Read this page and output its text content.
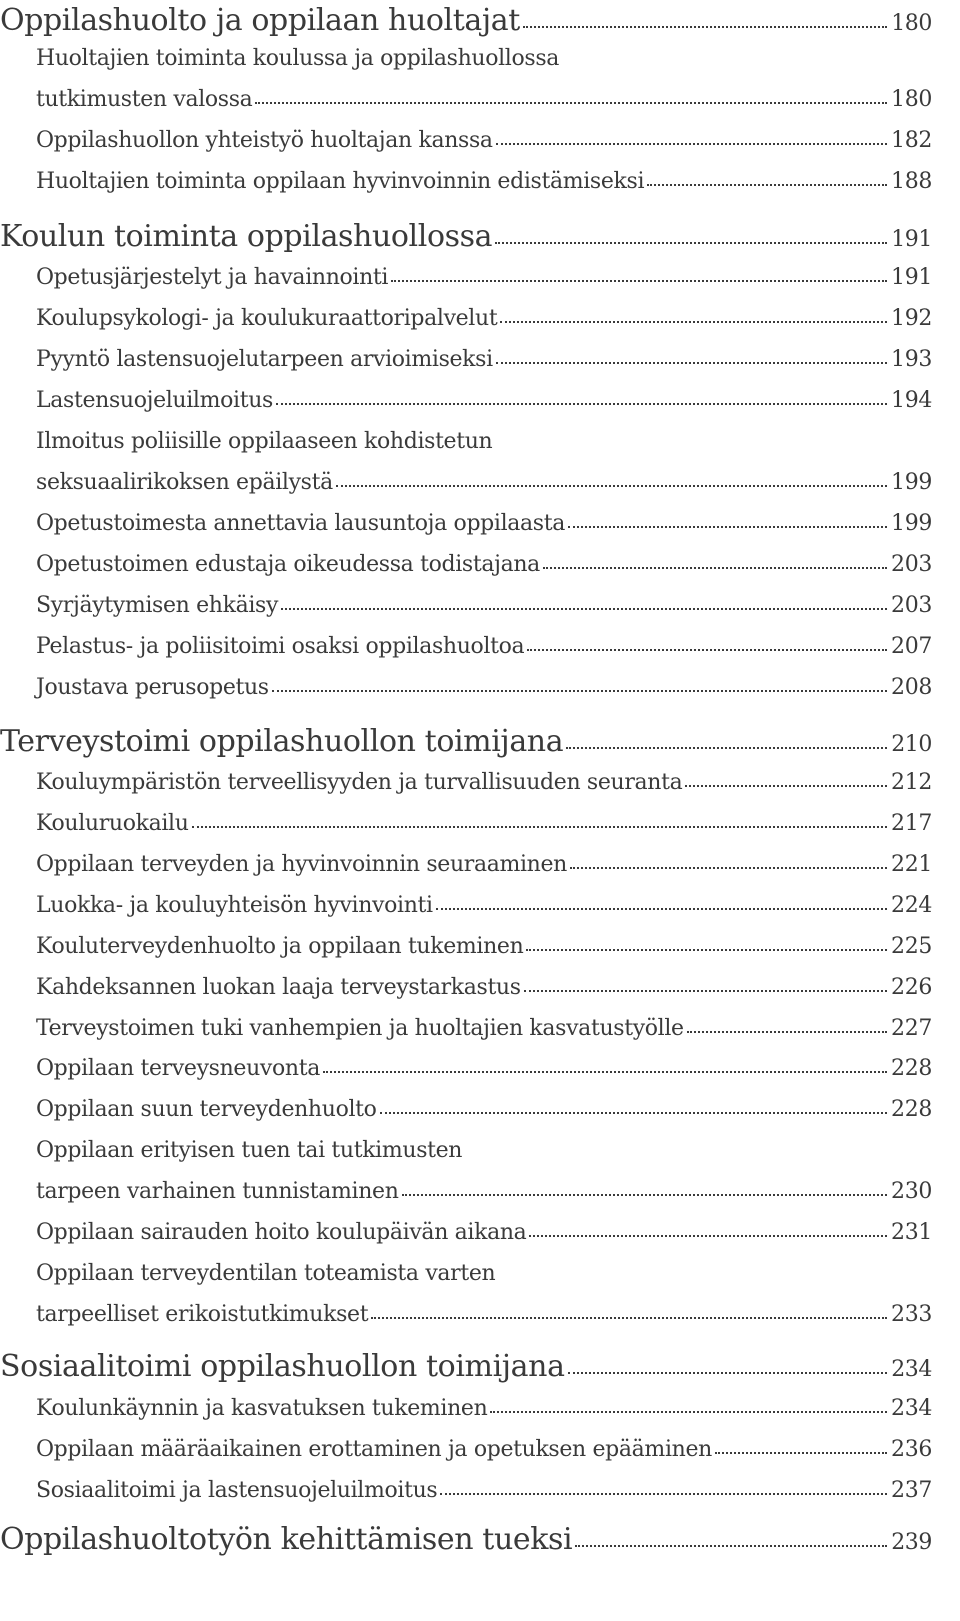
Oppilashuolto ja oppilaan huoltajat	180
Huoltajien toiminta koulussa ja oppilashuollossa
tutkimusten valossa	180
Oppilashuollon yhteistyö huoltajan kanssa	182
Huoltajien toiminta oppilaan hyvinvoinnin edistämiseksi	188
Koulun toiminta oppilashuollossa	191
Opetusjärjestelyt ja havainnointi	191
Koulupsykologi- ja koulukuraattoripalvelut	192
Pyyntö lastensuojelutarpeen arvioimiseksi	193
Lastensuojeluilmoitus	194
Ilmoitus poliisille oppilaaseen kohdistetun
seksuaalirikoksen epäilystä	199
Opetustoimesta annettavia lausuntoja oppilaasta	199
Opetustoimen edustaja oikeudessa todistajana	203
Syrjäytymisen ehkäisy	203
Pelastus- ja poliisitoimi osaksi oppilashuoltoa	207
Joustava perusopetus	208
Terveystoimi oppilashuollon toimijana	210
Kouluympäristön terveellisyyden ja turvallisuuden seuranta	212
Kouluruokailu	217
Oppilaan terveyden ja hyvinvoinnin seuraaminen	221
Luokka- ja kouluyhteisön hyvinvointi	224
Kouluterveydenhuolto ja oppilaan tukeminen	225
Kahdeksannen luokan laaja terveystarkastus	226
Terveystoimen tuki vanhempien ja huoltajien kasvatustyölle	227
Oppilaan terveysneuvonta	228
Oppilaan suun terveydenhuolto	228
Oppilaan erityisen tuen tai tutkimusten
tarpeen varhainen tunnistaminen	230
Oppilaan sairauden hoito koulupäivän aikana	231
Oppilaan terveydentilan toteamista varten
tarpeelliset erikoistutkimukset	233
Sosiaalitoimi oppilashuollon toimijana	234
Koulunkäynnin ja kasvatuksen tukeminen	234
Oppilaan määräaikainen erottaminen ja opetuksen epääminen	236
Sosiaalitoimi ja lastensuojeluilmoitus	237
Oppilashuoltotyön kehittämisen tueksi	239
